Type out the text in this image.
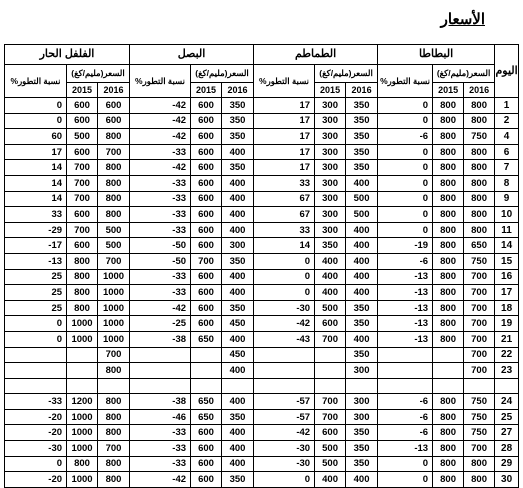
الأسعار
اليوم	البطاطا			الطماطم			البصل			الفلفل الحار		
	السعر(مليم/كغ)		نسبة التطور%	السعر(مليم/كغ)		نسبة التطور%	السعر(مليم/كغ)		نسبة التطور%	السعر(مليم/كغ)		نسبة التطور%
	2016	2015		2016	2015		2016	2015		2016	2015	
1	800	800	0	350	300	17	350	600	42-	600	600	0
2	800	800	0	350	300	17	350	600	42-	600	600	0
4	750	800	6-	350	300	17	350	600	42-	800	500	60
6	800	800	0	350	300	17	400	600	33-	700	600	17
7	800	800	0	350	300	17	350	600	42-	800	700	14
8	800	800	0	400	300	33	400	600	33-	800	700	14
9	800	800	0	500	300	67	400	600	33-	800	700	14
10	800	800	0	500	300	67	400	600	33-	800	600	33
11	800	800	0	400	300	33	400	600	33-	500	700	29-
14	650	800	19-	400	350	14	300	600	50-	500	600	17-
15	750	800	6-	400	400	0	350	700	50-	700	800	13-
16	700	800	13-	400	400	0	400	600	33-	1000	800	25
17	700	800	13-	400	400	0	400	600	33-	1000	800	25
18	700	800	13-	350	500	30-	350	600	42-	1000	800	25
19	700	800	13-	350	600	42-	450	600	25-	1000	1000	0
21	700	800	13-	400	700	43-	400	650	38-	1000	1000	0
22	700			350			450			700		
23	700			300			400			800		

24	750	800	6-	300	700	57-	400	650	38-	800	1200	33-
25	750	800	6-	300	700	57-	350	650	46-	800	1000	20-
27	750	800	6-	350	600	42-	400	600	33-	800	1000	20-
28	700	800	13-	350	500	30-	400	600	33-	700	1000	30-
29	800	800	0	350	500	30-	400	600	33-	800	800	0
30	800	800	0	400	400	0	350	600	42-	800	1000	20-
